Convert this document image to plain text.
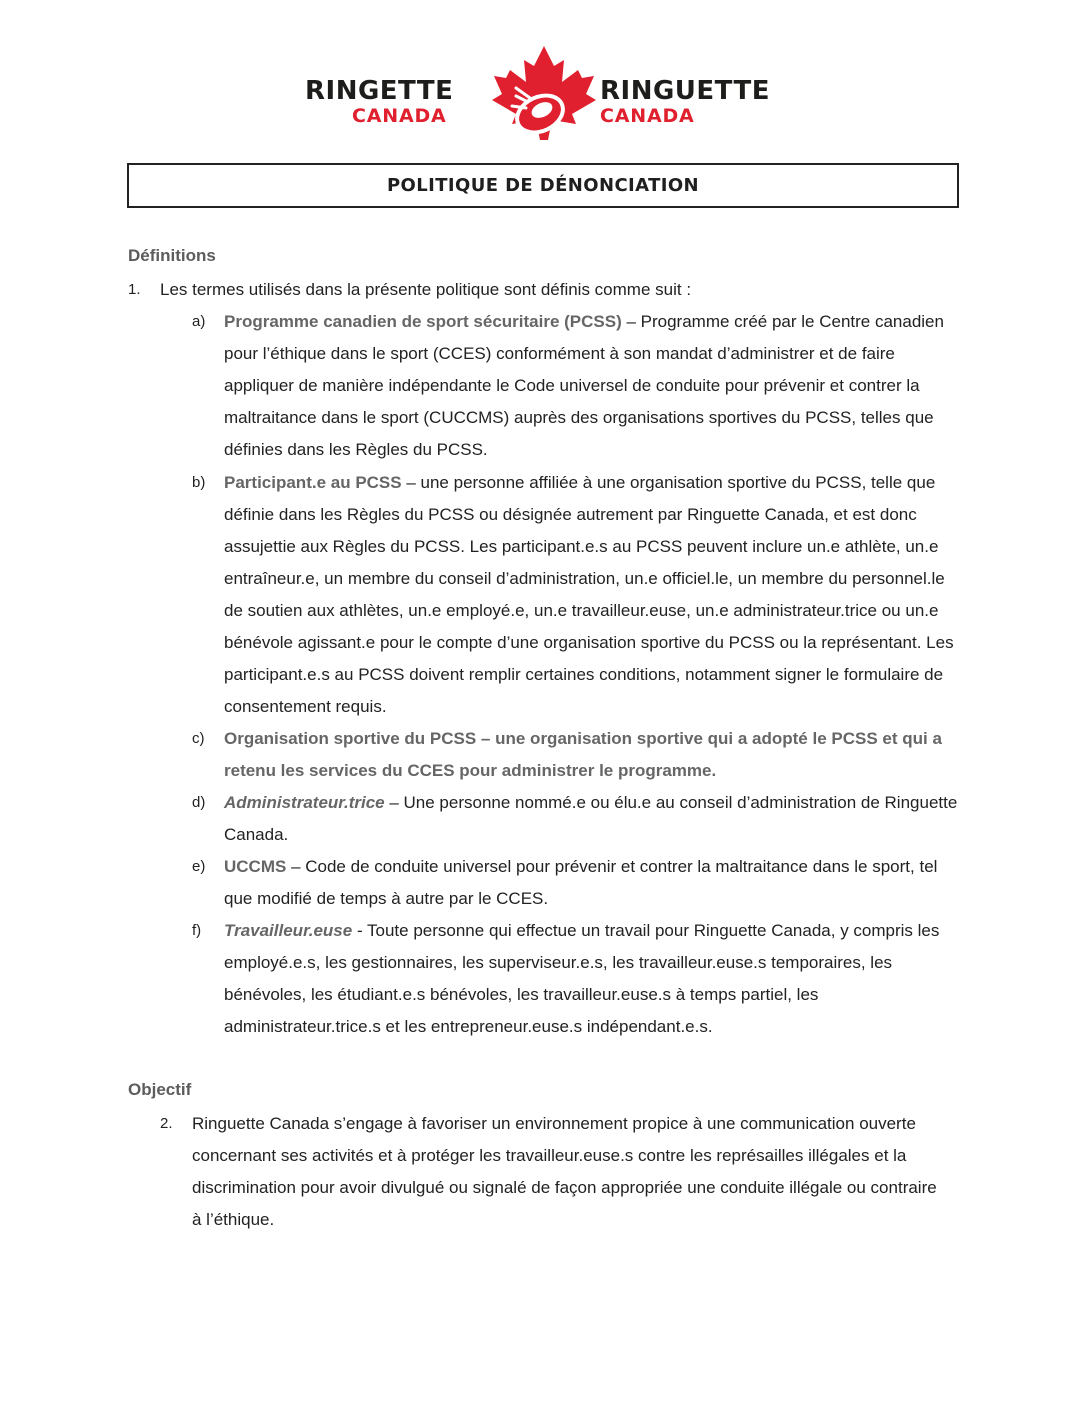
RINGETTE
CANADA
RINGUETTE
CANADA
POLITIQUE DE DÉNONCIATION
Définitions
1. Les termes utilisés dans la présente politique sont définis comme suit :
a) Programme canadien de sport sécuritaire (PCSS) – Programme créé par le Centre canadien pour l’éthique dans le sport (CCES) conformément à son mandat d’administrer et de faire appliquer de manière indépendante le Code universel de conduite pour prévenir et contrer la maltraitance dans le sport (CUCCMS) auprès des organisations sportives du PCSS, telles que définies dans les Règles du PCSS.
b) Participant.e au PCSS – une personne affiliée à une organisation sportive du PCSS, telle que définie dans les Règles du PCSS ou désignée autrement par Ringuette Canada, et est donc assujettie aux Règles du PCSS. Les participant.e.s au PCSS peuvent inclure un.e athlète, un.e entraîneur.e, un membre du conseil d’administration, un.e officiel.le, un membre du personnel.le de soutien aux athlètes, un.e employé.e, un.e travailleur.euse, un.e administrateur.trice ou un.e bénévole agissant.e pour le compte d’une organisation sportive du PCSS ou la représentant. Les participant.e.s au PCSS doivent remplir certaines conditions, notamment signer le formulaire de consentement requis.
c) Organisation sportive du PCSS – une organisation sportive qui a adopté le PCSS et qui a retenu les services du CCES pour administrer le programme.
d) Administrateur.trice – Une personne nommé.e ou élu.e au conseil d’administration de Ringuette Canada.
e) UCCMS – Code de conduite universel pour prévenir et contrer la maltraitance dans le sport, tel que modifié de temps à autre par le CCES.
f) Travailleur.euse - Toute personne qui effectue un travail pour Ringuette Canada, y compris les employé.e.s, les gestionnaires, les superviseur.e.s, les travailleur.euse.s temporaires, les bénévoles, les étudiant.e.s bénévoles, les travailleur.euse.s à temps partiel, les administrateur.trice.s et les entrepreneur.euse.s indépendant.e.s.
Objectif
2. Ringuette Canada s’engage à favoriser un environnement propice à une communication ouverte concernant ses activités et à protéger les travailleur.euse.s contre les représailles illégales et la discrimination pour avoir divulgué ou signalé de façon appropriée une conduite illégale ou contraire à l’éthique.
